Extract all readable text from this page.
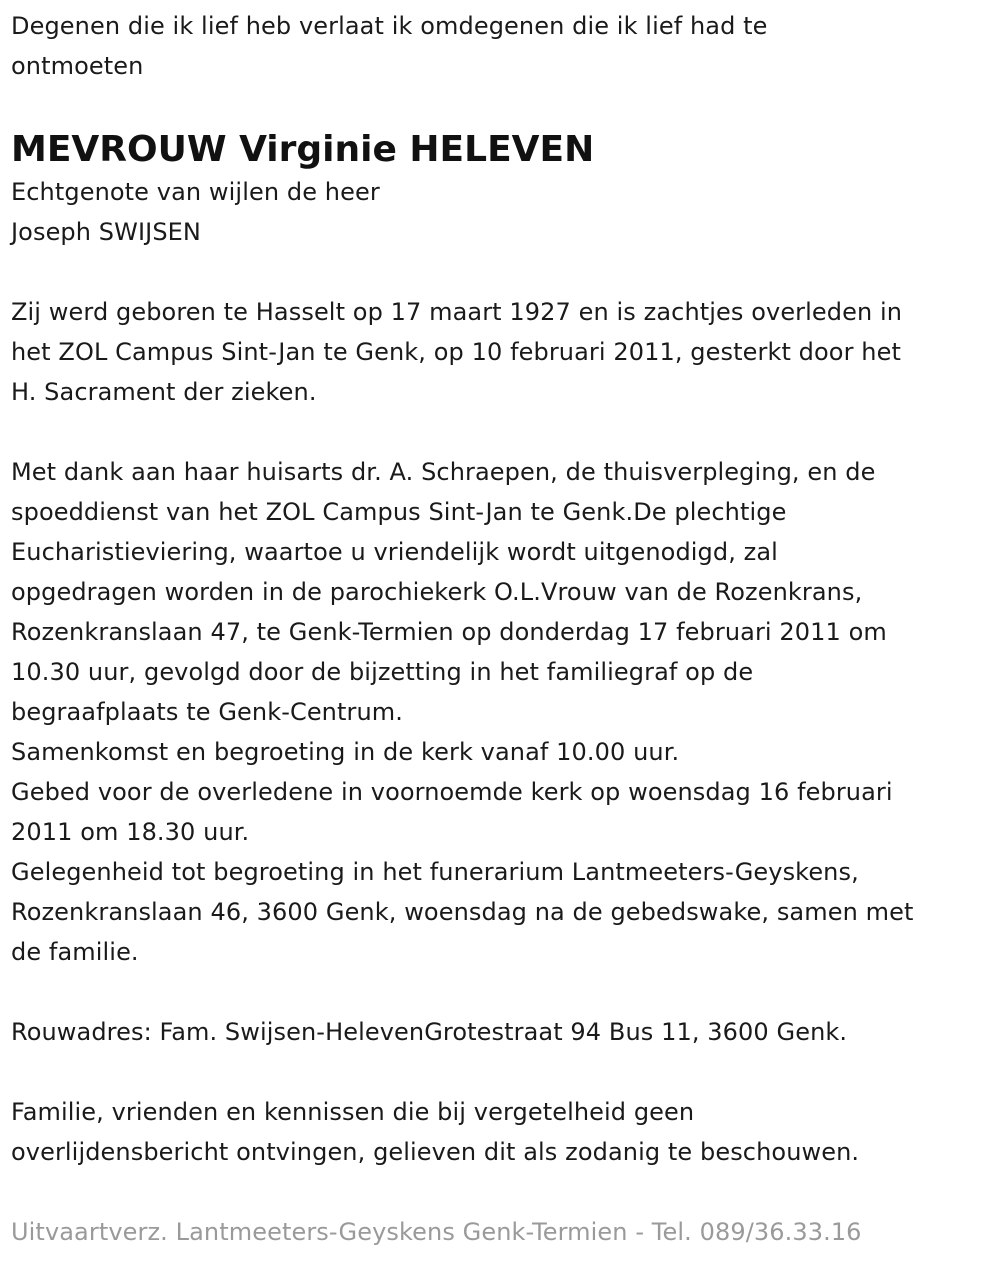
Degenen die ik lief heb verlaat ik omdegenen die ik lief had te
ontmoeten
MEVROUW Virginie HELEVEN
Echtgenote van wijlen de heer
Joseph SWIJSEN
Zij werd geboren te Hasselt op 17 maart 1927 en is zachtjes overleden in
het ZOL Campus Sint-Jan te Genk, op 10 februari 2011, gesterkt door het
H. Sacrament der zieken.
Met dank aan haar huisarts dr. A. Schraepen, de thuisverpleging, en de
spoeddienst van het ZOL Campus Sint-Jan te Genk.De plechtige
Eucharistieviering, waartoe u vriendelijk wordt uitgenodigd, zal
opgedragen worden in de parochiekerk O.L.Vrouw van de Rozenkrans,
Rozenkranslaan 47, te Genk-Termien op donderdag 17 februari 2011 om
10.30 uur, gevolgd door de bijzetting in het familiegraf op de
begraafplaats te Genk-Centrum.
Samenkomst en begroeting in de kerk vanaf 10.00 uur.
Gebed voor de overledene in voornoemde kerk op woensdag 16 februari
2011 om 18.30 uur.
Gelegenheid tot begroeting in het funerarium Lantmeeters-Geyskens,
Rozenkranslaan 46, 3600 Genk, woensdag na de gebedswake, samen met
de familie.
Rouwadres: Fam. Swijsen-HelevenGrotestraat 94 Bus 11, 3600 Genk.
Familie, vrienden en kennissen die bij vergetelheid geen
overlijdensbericht ontvingen, gelieven dit als zodanig te beschouwen.
Uitvaartverz. Lantmeeters-Geyskens Genk-Termien - Tel. 089/36.33.16
